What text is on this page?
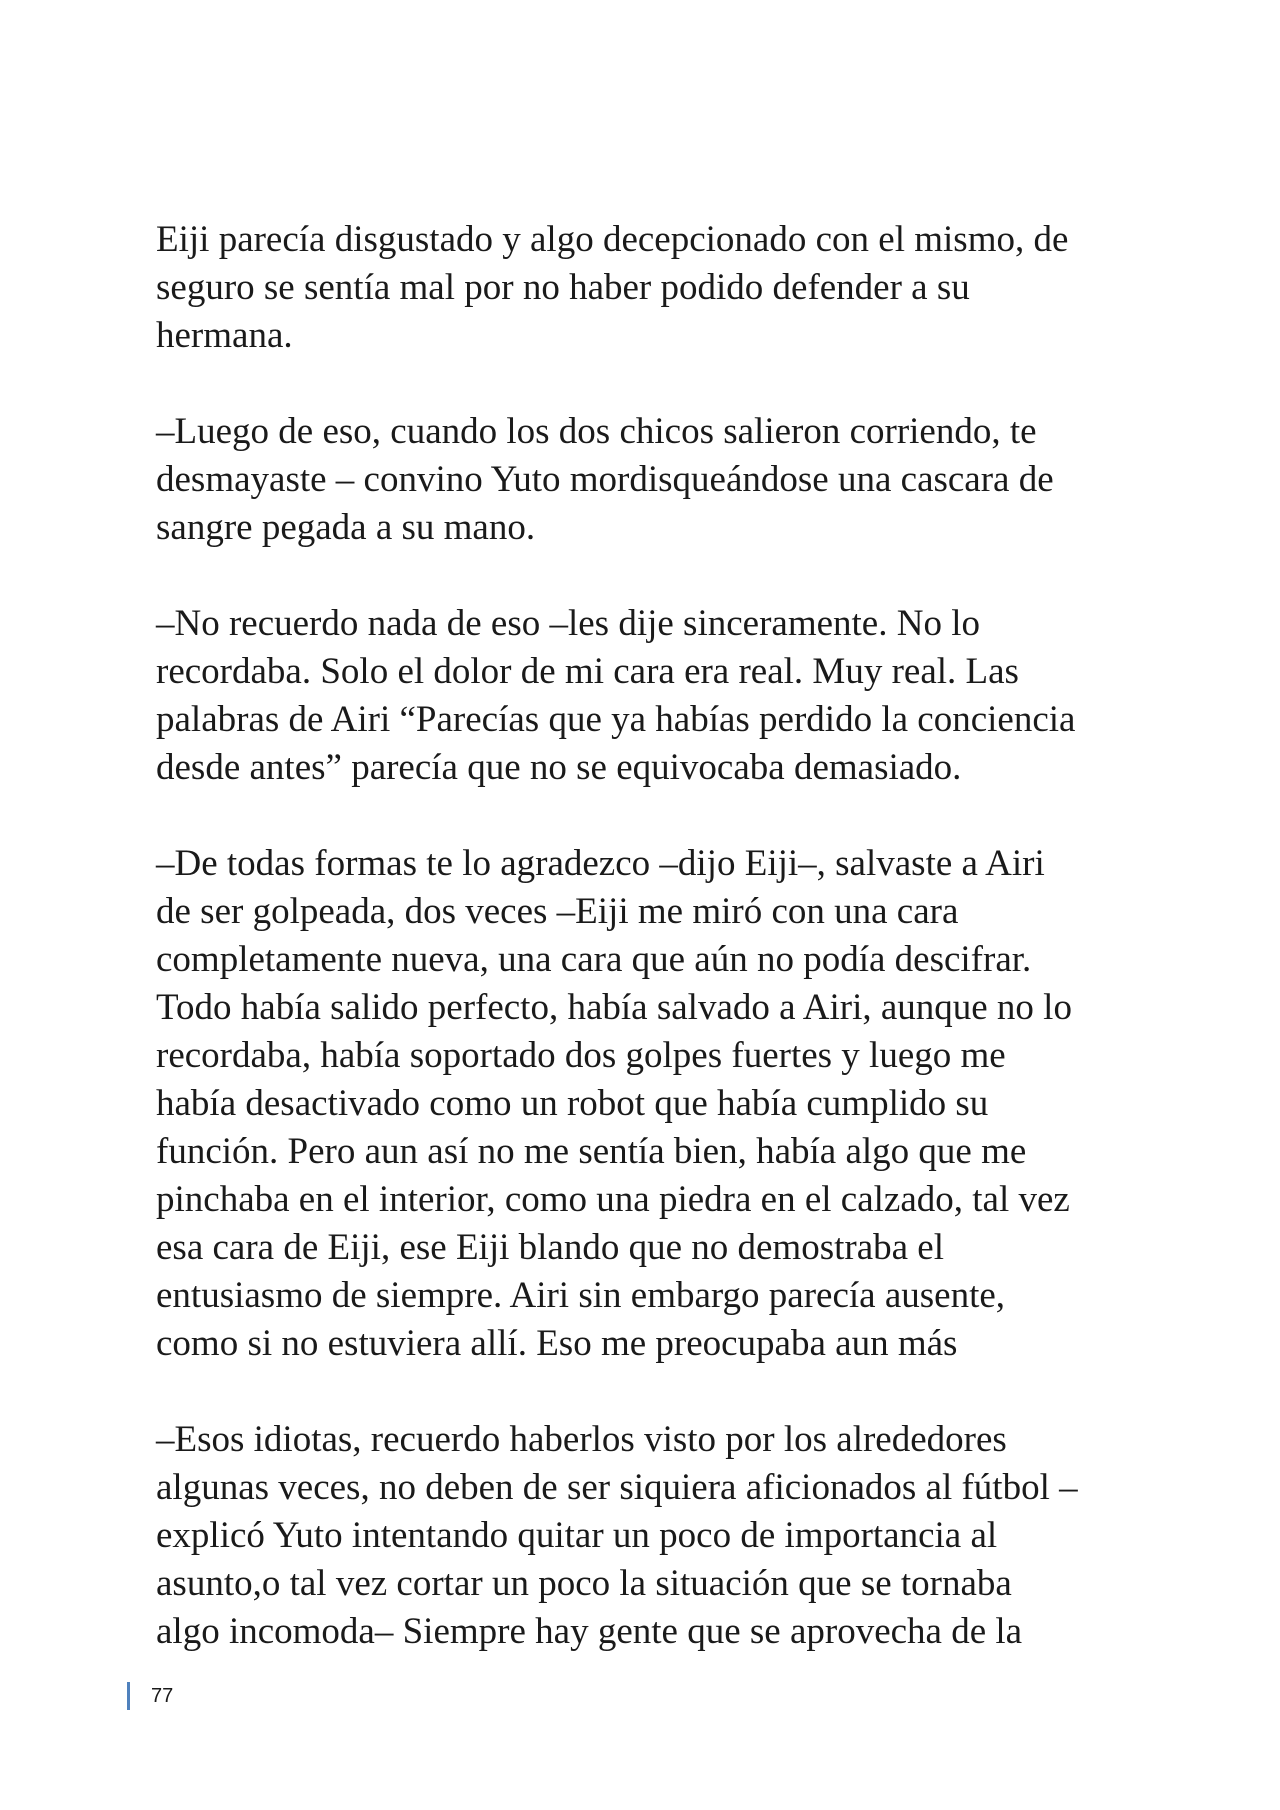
Eiji parecía disgustado y algo decepcionado con el mismo, de
seguro se sentía mal por no haber podido defender a su
hermana.

–Luego de eso, cuando los dos chicos salieron corriendo, te
desmayaste – convino Yuto mordisqueándose una cascara de
sangre pegada a su mano.

–No recuerdo nada de eso –les dije sinceramente. No lo
recordaba. Solo el dolor de mi cara era real. Muy real. Las
palabras de Airi “Parecías que ya habías perdido la conciencia
desde antes” parecía que no se equivocaba demasiado.

–De todas formas te lo agradezco –dijo Eiji–, salvaste a Airi
de ser golpeada, dos veces –Eiji me miró con una cara
completamente nueva, una cara que aún no podía descifrar.
Todo había salido perfecto, había salvado a Airi, aunque no lo
recordaba, había soportado dos golpes fuertes y luego me
había desactivado como un robot que había cumplido su
función. Pero aun así no me sentía bien, había algo que me
pinchaba en el interior, como una piedra en el calzado, tal vez
esa cara de Eiji, ese Eiji blando que no demostraba el
entusiasmo de siempre. Airi sin embargo parecía ausente,
como si no estuviera allí. Eso me preocupaba aun más

–Esos idiotas, recuerdo haberlos visto por los alrededores
algunas veces, no deben de ser siquiera aficionados al fútbol –
explicó Yuto intentando quitar un poco de importancia al
asunto,o tal vez cortar un poco la situación que se tornaba
algo incomoda– Siempre hay gente que se aprovecha de la

77
